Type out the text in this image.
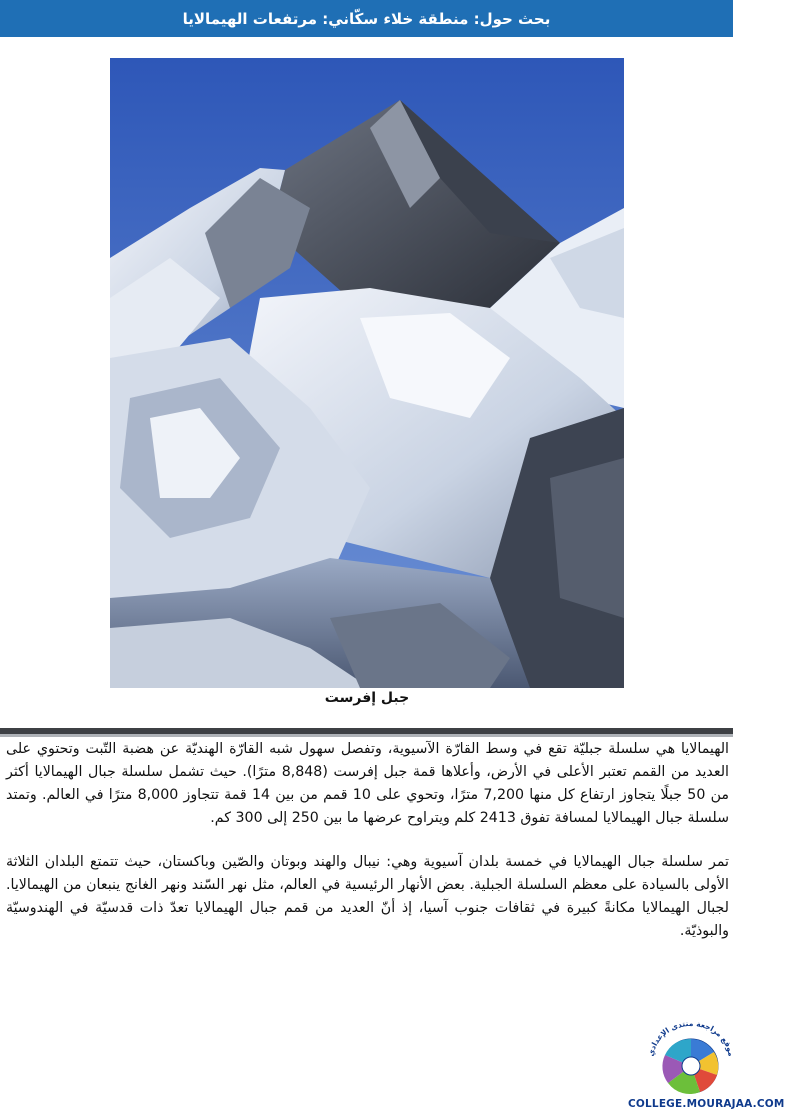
بحث حول: منطقة خلاء سكّاني: مرتفعات الهيمالايا
جبل إفرست

الهيمالايا هي سلسلة جبليّة تقع في وسط القارّة الآسيوية، وتفصل سهول شبه القارّة الهنديّة عن هضبة التّبت وتحتوي على العديد من القمم تعتبر الأعلى في الأرض، وأعلاها قمة جبل إفرست (8,848 مترًا). حيث تشمل سلسلة جبال الهيمالايا أكثر من 50 جبلًا يتجاوز ارتفاع كل منها 7,200 مترًا، وتحوي على 10 قمم من بين 14 قمة تتجاوز 8,000 مترًا في العالم. وتمتد سلسلة جبال الهيمالايا لمسافة تفوق 2413 كلم ويتراوح عرضها ما بين 250 إلى 300 كم.

تمر سلسلة جبال الهيمالايا في خمسة بلدان آسيوية وهي: نيبال والهند وبوتان والصّين وباكستان، حيث تتمتع البلدان الثلاثة الأولى بالسيادة على معظم السلسلة الجبلية. بعض الأنهار الرئيسية في العالم، مثل نهر السّند ونهر الغانج ينبعان من الهيمالايا. لجبال الهيمالايا مكانةً كبيرة في ثقافات جنوب آسيا، إذ أنّ العديد من قمم جبال الهيمالايا تعدّ ذات قدسيّة في الهندوسيّة والبوذيّة.

موقع مراجعة منتدى الإعدادي
COLLEGE.MOURAJAA.COM
